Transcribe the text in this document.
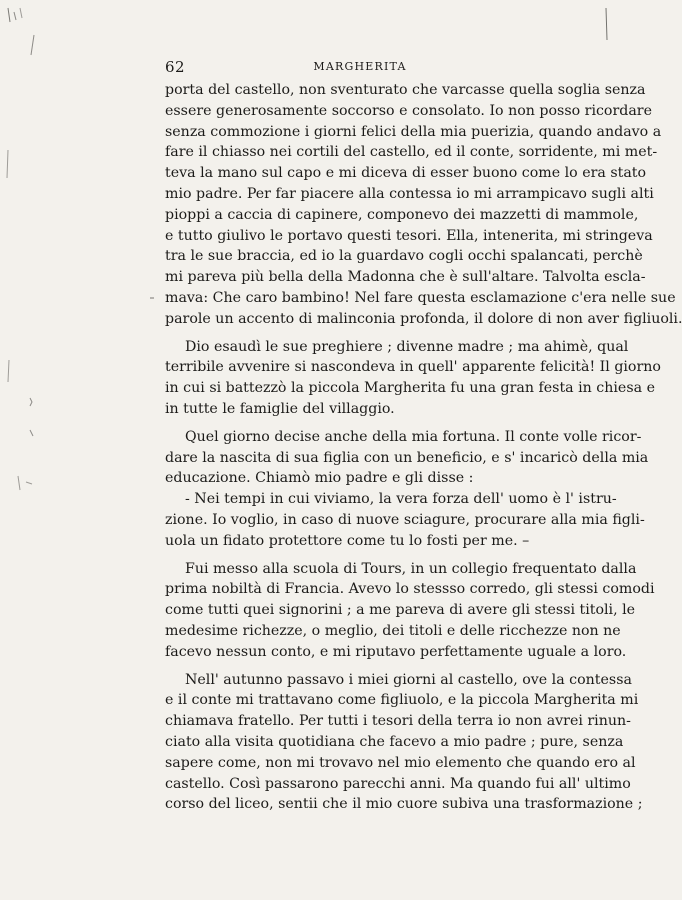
62	MARGHERITA
porta del castello, non sventurato che varcasse quella soglia senza
essere generosamente soccorso e consolato. Io non posso ricordare
senza commozione i giorni felici della mia puerizia, quando andavo a
fare il chiasso nei cortili del castello, ed il conte, sorridente, mi met-
teva la mano sul capo e mi diceva di esser buono come lo era stato
mio padre. Per far piacere alla contessa io mi arrampicavo sugli alti
pioppi a caccia di capinere, componevo dei mazzetti di mammole,
e tutto giulivo le portavo questi tesori. Ella, intenerita, mi stringeva
tra le sue braccia, ed io la guardavo cogli occhi spalancati, perchè
mi pareva più bella della Madonna che è sull'altare. Talvolta escla-
mava: Che caro bambino! Nel fare questa esclamazione c'era nelle sue
parole un accento di malinconia profonda, il dolore di non aver figliuoli.
Dio esaudì le sue preghiere ; divenne madre ; ma ahimè, qual
terribile avvenire si nascondeva in quell' apparente felicità! Il giorno
in cui si battezzò la piccola Margherita fu una gran festa in chiesa e
in tutte le famiglie del villaggio.
Quel giorno decise anche della mia fortuna. Il conte volle ricor-
dare la nascita di sua figlia con un beneficio, e s' incaricò della mia
educazione. Chiamò mio padre e gli disse :
- Nei tempi in cui viviamo, la vera forza dell' uomo è l' istru-
zione. Io voglio, in caso di nuove sciagure, procurare alla mia figli-
uola un fidato protettore come tu lo fosti per me. –
Fui messo alla scuola di Tours, in un collegio frequentato dalla
prima nobiltà di Francia. Avevo lo stessso corredo, gli stessi comodi
come tutti quei signorini ; a me pareva di avere gli stessi titoli, le
medesime richezze, o meglio, dei titoli e delle ricchezze non ne
facevo nessun conto, e mi riputavo perfettamente uguale a loro.
Nell' autunno passavo i miei giorni al castello, ove la contessa
e il conte mi trattavano come figliuolo, e la piccola Margherita mi
chiamava fratello. Per tutti i tesori della terra io non avrei rinun-
ciato alla visita quotidiana che facevo a mio padre ; pure, senza
sapere come, non mi trovavo nel mio elemento che quando ero al
castello. Così passarono parecchi anni. Ma quando fui all' ultimo
corso del liceo, sentii che il mio cuore subiva una trasformazione ;
